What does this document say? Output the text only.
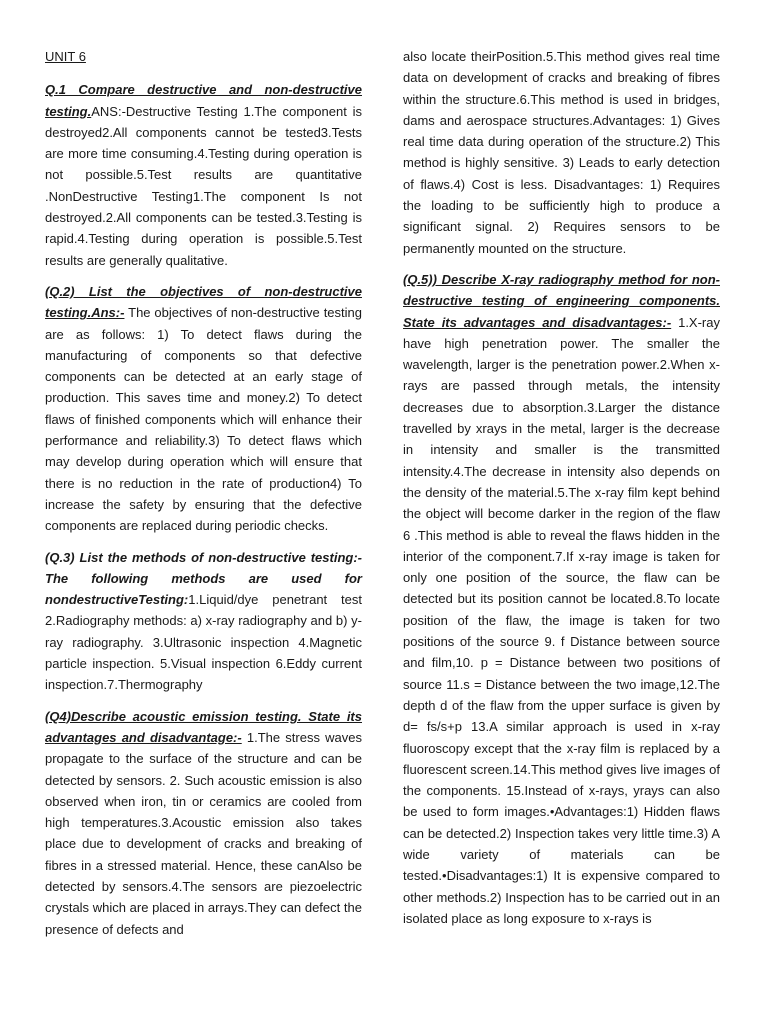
UNIT 6

Q.1 Compare destructive and non-destructive testing.ANS:-Destructive Testing 1.The component is destroyed2.All components cannot be tested3.Tests are more time consuming.4.Testing during operation is not possible.5.Test results are quantitative .NonDestructive Testing1.The component Is not destroyed.2.All components can be tested.3.Testing is rapid.4.Testing during operation is possible.5.Test results are generally qualitative.

(Q.2) List the objectives of non-destructive testing.Ans:- The objectives of non-destructive testing are as follows: 1) To detect flaws during the manufacturing of components so that defective components can be detected at an early stage of production. This saves time and money.2) To detect flaws of finished components which will enhance their performance and reliability.3) To detect flaws which may develop during operation which will ensure that there is no reduction in the rate of production4) To increase the safety by ensuring that the defective components are replaced during periodic checks.

(Q.3) List the methods of non-destructive testing:- The following methods are used for nondestructiveTesting:1.Liquid/dye penetrant test 2.Radiography methods: a) x-ray radiography and b) y-ray radiography. 3.Ultrasonic inspection 4.Magnetic particle inspection. 5.Visual inspection 6.Eddy current inspection.7.Thermography

(Q4)Describe acoustic emission testing. State its advantages and disadvantage:- 1.The stress waves propagate to the surface of the structure and can be detected by sensors. 2. Such acoustic emission is also observed when iron, tin or ceramics are cooled from high temperatures.3.Acoustic emission also takes place due to development of cracks and breaking of fibres in a stressed material. Hence, these canAlso be detected by sensors.4.The sensors are piezoelectric crystals which are placed in arrays.They can defect the presence of defects and

also locate theirPosition.5.This method gives real time data on development of cracks and breaking of fibres within the structure.6.This method is used in bridges, dams and aerospace structures.Advantages: 1) Gives real time data during operation of the structure.2) This method is highly sensitive. 3) Leads to early detection of flaws.4) Cost is less. Disadvantages: 1) Requires the loading to be sufficiently high to produce a significant signal. 2) Requires sensors to be permanently mounted on the structure.

(Q.5)) Describe X-ray radiography method for non-destructive testing of engineering components. State its advantages and disadvantages:- 1.X-ray have high penetration power. The smaller the wavelength, larger is the penetration power.2.When x-rays are passed through metals, the intensity decreases due to absorption.3.Larger the distance travelled by xrays in the metal, larger is the decrease in intensity and smaller is the transmitted intensity.4.The decrease in intensity also depends on the density of the material.5.The x-ray film kept behind the object will become darker in the region of the flaw 6 .This method is able to reveal the flaws hidden in the interior of the component.7.If x-ray image is taken for only one position of the source, the flaw can be detected but its position cannot be located.8.To locate position of the flaw, the image is taken for two positions of the source 9. f Distance between source and film,10. p = Distance between two positions of source 11.s = Distance between the two image,12.The depth d of the flaw from the upper surface is given by d= fs/s+p 13.A similar approach is used in x-ray fluoroscopy except that the x-ray film is replaced by a fluorescent screen.14.This method gives live images of the components. 15.Instead of x-rays, yrays can also be used to form images.•Advantages:1) Hidden flaws can be detected.2) Inspection takes very little time.3) A wide variety of materials can be tested.•Disadvantages:1) It is expensive compared to other methods.2) Inspection has to be carried out in an isolated place as long exposure to x-rays is
